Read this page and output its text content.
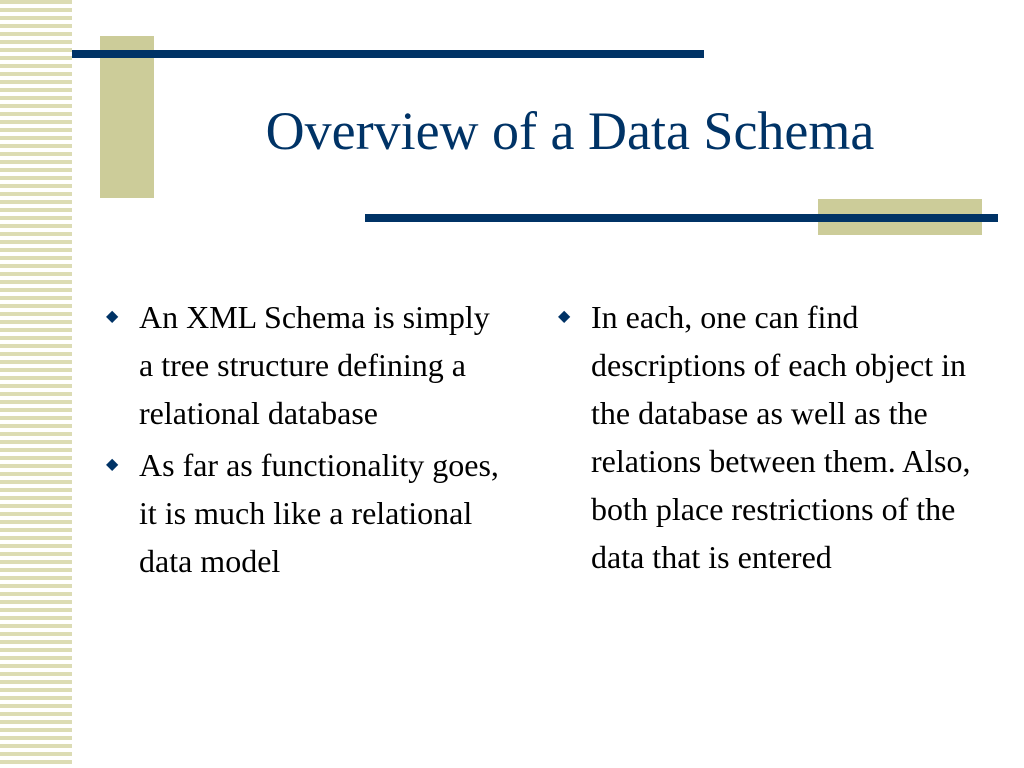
Overview of a Data Schema
◆ An XML Schema is simply a tree structure defining a relational database
◆ As far as functionality goes, it is much like a relational data model
◆ In each, one can find descriptions of each object in the database as well as the relations between them. Also, both place restrictions of the data that is entered
